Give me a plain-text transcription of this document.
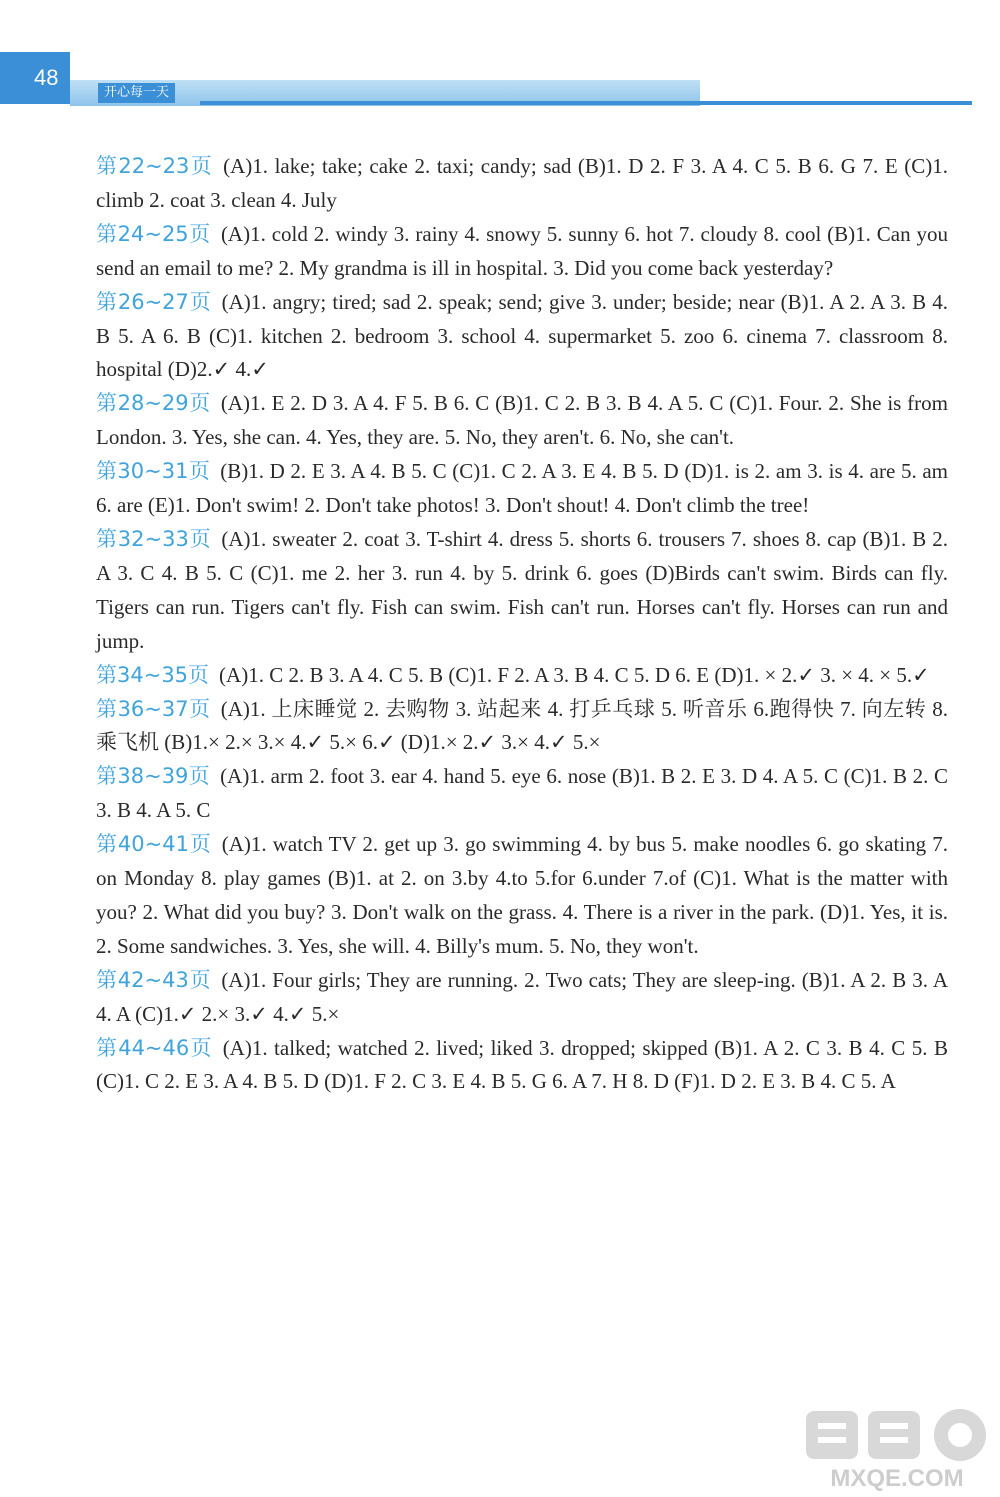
48
开心每一天

第22~23页 (A)1. lake; take; cake 2. taxi; candy; sad (B)1. D 2. F 3. A 4. C 5. B 6. G 7. E (C)1. climb 2. coat 3. clean 4. July

第24~25页 (A)1. cold 2. windy 3. rainy 4. snowy 5. sunny 6. hot 7. cloudy 8. cool (B)1. Can you send an email to me? 2. My grandma is ill in hospital. 3. Did you come back yesterday?

第26~27页 (A)1. angry; tired; sad 2. speak; send; give 3. under; beside; near (B)1. A 2. A 3. B 4. B 5. A 6. B (C)1. kitchen 2. bedroom 3. school 4. supermarket 5. zoo 6. cinema 7. classroom 8. hospital (D)2.✓ 4.✓

第28~29页 (A)1. E 2. D 3. A 4. F 5. B 6. C (B)1. C 2. B 3. B 4. A 5. C (C)1. Four. 2. She is from London. 3. Yes, she can. 4. Yes, they are. 5. No, they aren't. 6. No, she can't.

第30~31页 (B)1. D 2. E 3. A 4. B 5. C (C)1. C 2. A 3. E 4. B 5. D (D)1. is 2. am 3. is 4. are 5. am 6. are (E)1. Don't swim! 2. Don't take photos! 3. Don't shout! 4. Don't climb the tree!

第32~33页 (A)1. sweater 2. coat 3. T-shirt 4. dress 5. shorts 6. trousers 7. shoes 8. cap (B)1. B 2. A 3. C 4. B 5. C (C)1. me 2. her 3. run 4. by 5. drink 6. goes (D)Birds can't swim. Birds can fly. Tigers can run. Tigers can't fly. Fish can swim. Fish can't run. Horses can't fly. Horses can run and jump.

第34~35页 (A)1. C 2. B 3. A 4. C 5. B (C)1. F 2. A 3. B 4. C 5. D 6. E (D)1. × 2.✓ 3. × 4. × 5.✓

第36~37页 (A)1. 上床睡觉 2. 去购物 3. 站起来 4. 打乒乓球 5. 听音乐 6.跑得快 7. 向左转 8. 乘飞机 (B)1.× 2.× 3.× 4.✓ 5.× 6.✓ (D)1.× 2.✓ 3.× 4.✓ 5.×

第38~39页 (A)1. arm 2. foot 3. ear 4. hand 5. eye 6. nose (B)1. B 2. E 3. D 4. A 5. C (C)1. B 2. C 3. B 4. A 5. C

第40~41页 (A)1. watch TV 2. get up 3. go swimming 4. by bus 5. make noodles 6. go skating 7. on Monday 8. play games (B)1. at 2. on 3.by 4.to 5.for 6.under 7.of (C)1. What is the matter with you? 2. What did you buy? 3. Don't walk on the grass. 4. There is a river in the park. (D)1. Yes, it is. 2. Some sandwiches. 3. Yes, she will. 4. Billy's mum. 5. No, they won't.

第42~43页 (A)1. Four girls; They are running. 2. Two cats; They are sleep-ing. (B)1. A 2. B 3. A 4. A (C)1.✓ 2.× 3.✓ 4.✓ 5.×

第44~46页 (A)1. talked; watched 2. lived; liked 3. dropped; skipped (B)1. A 2. C 3. B 4. C 5. B (C)1. C 2. E 3. A 4. B 5. D (D)1. F 2. C 3. E 4. B 5. G 6. A 7. H 8. D (F)1. D 2. E 3. B 4. C 5. A

MXQE.COM
